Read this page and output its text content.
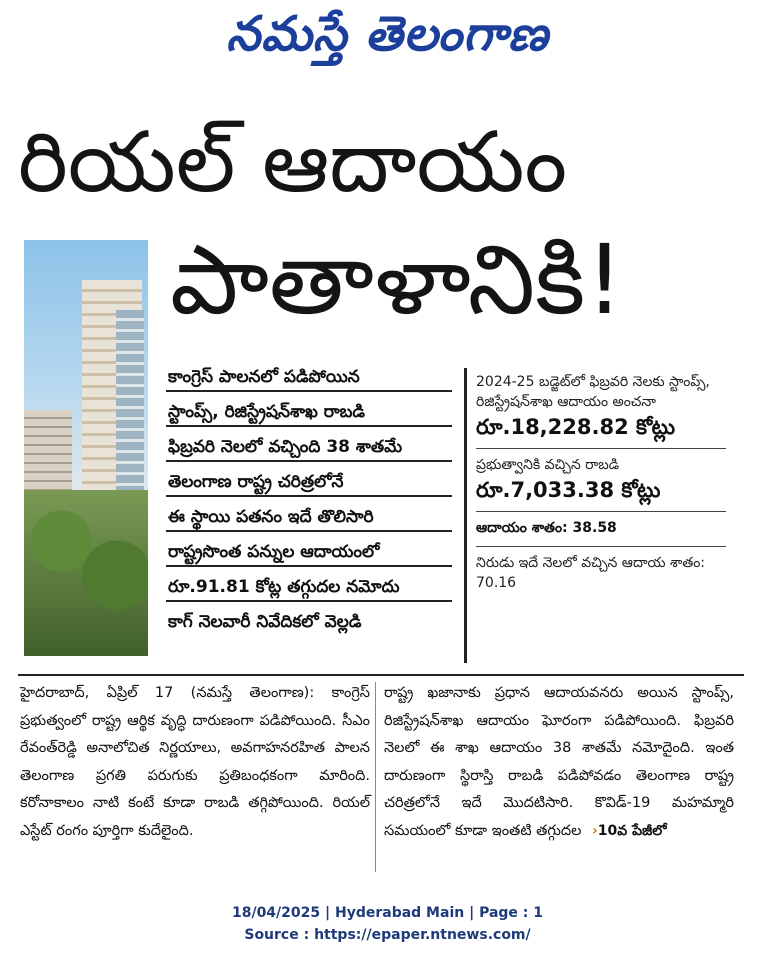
నమస్తే తెలంగాణ
రియల్ ఆదాయం
పాతాళానికి!
కాంగ్రెస్ పాలనలో పడిపోయిన
స్టాంప్స్, రిజిస్ట్రేషన్‌శాఖ రాబడి
ఫిబ్రవరి నెలలో వచ్చింది 38 శాతమే
తెలంగాణ రాష్ట్ర చరిత్రలోనే
ఈ స్థాయి పతనం ఇదే తొలిసారి
రాష్ట్రసొంత పన్నుల ఆదాయంలో
రూ.91.81 కోట్ల తగ్గుదల నమోదు
కాగ్ నెలవారీ నివేదికలో వెల్లడి
2024-25 బడ్జెట్‌లో ఫిబ్రవరి నెలకు స్టాంప్స్, రిజిస్ట్రేషన్‌శాఖ ఆదాయం అంచనా
రూ.18,228.82 కోట్లు
ప్రభుత్వానికి వచ్చిన రాబడి
రూ.7,033.38 కోట్లు
ఆదాయం శాతం: 38.58
నిరుడు ఇదే నెలలో వచ్చిన ఆదాయ శాతం: 70.16
హైదరాబాద్, ఏప్రిల్ 17 (నమస్తే తెలంగాణ): కాంగ్రెస్ ప్రభుత్వంలో రాష్ట్ర ఆర్థిక వృద్ధి దారుణంగా పడిపోయింది. సీఎం రేవంత్‌రెడ్డి అనాలోచిత నిర్ణయాలు, అవగాహనరహిత పాలన తెలంగాణ ప్రగతి పరుగుకు ప్రతిబంధకంగా మారింది. కరోనాకాలం నాటి కంటే కూడా రాబడి తగ్గిపోయింది. రియల్ ఎస్టేట్ రంగం పూర్తిగా కుదేలైంది.
రాష్ట్ర ఖజానాకు ప్రధాన ఆదాయవనరు అయిన స్టాంప్స్, రిజిస్ట్రేషన్‌శాఖ ఆదాయం ఘోరంగా పడిపోయింది. ఫిబ్రవరి నెలలో ఈ శాఖ ఆదాయం 38 శాతమే నమోదైంది. ఇంత దారుణంగా స్థిరాస్తి రాబడి పడిపోవడం తెలంగాణ రాష్ట్ర చరిత్రలోనే ఇదే మొదటిసారి. కొవిడ్-19 మహమ్మారి సమయంలో కూడా ఇంతటి తగ్గుదల ›10వ పేజీలో
18/04/2025 | Hyderabad Main | Page : 1
Source : https://epaper.ntnews.com/
